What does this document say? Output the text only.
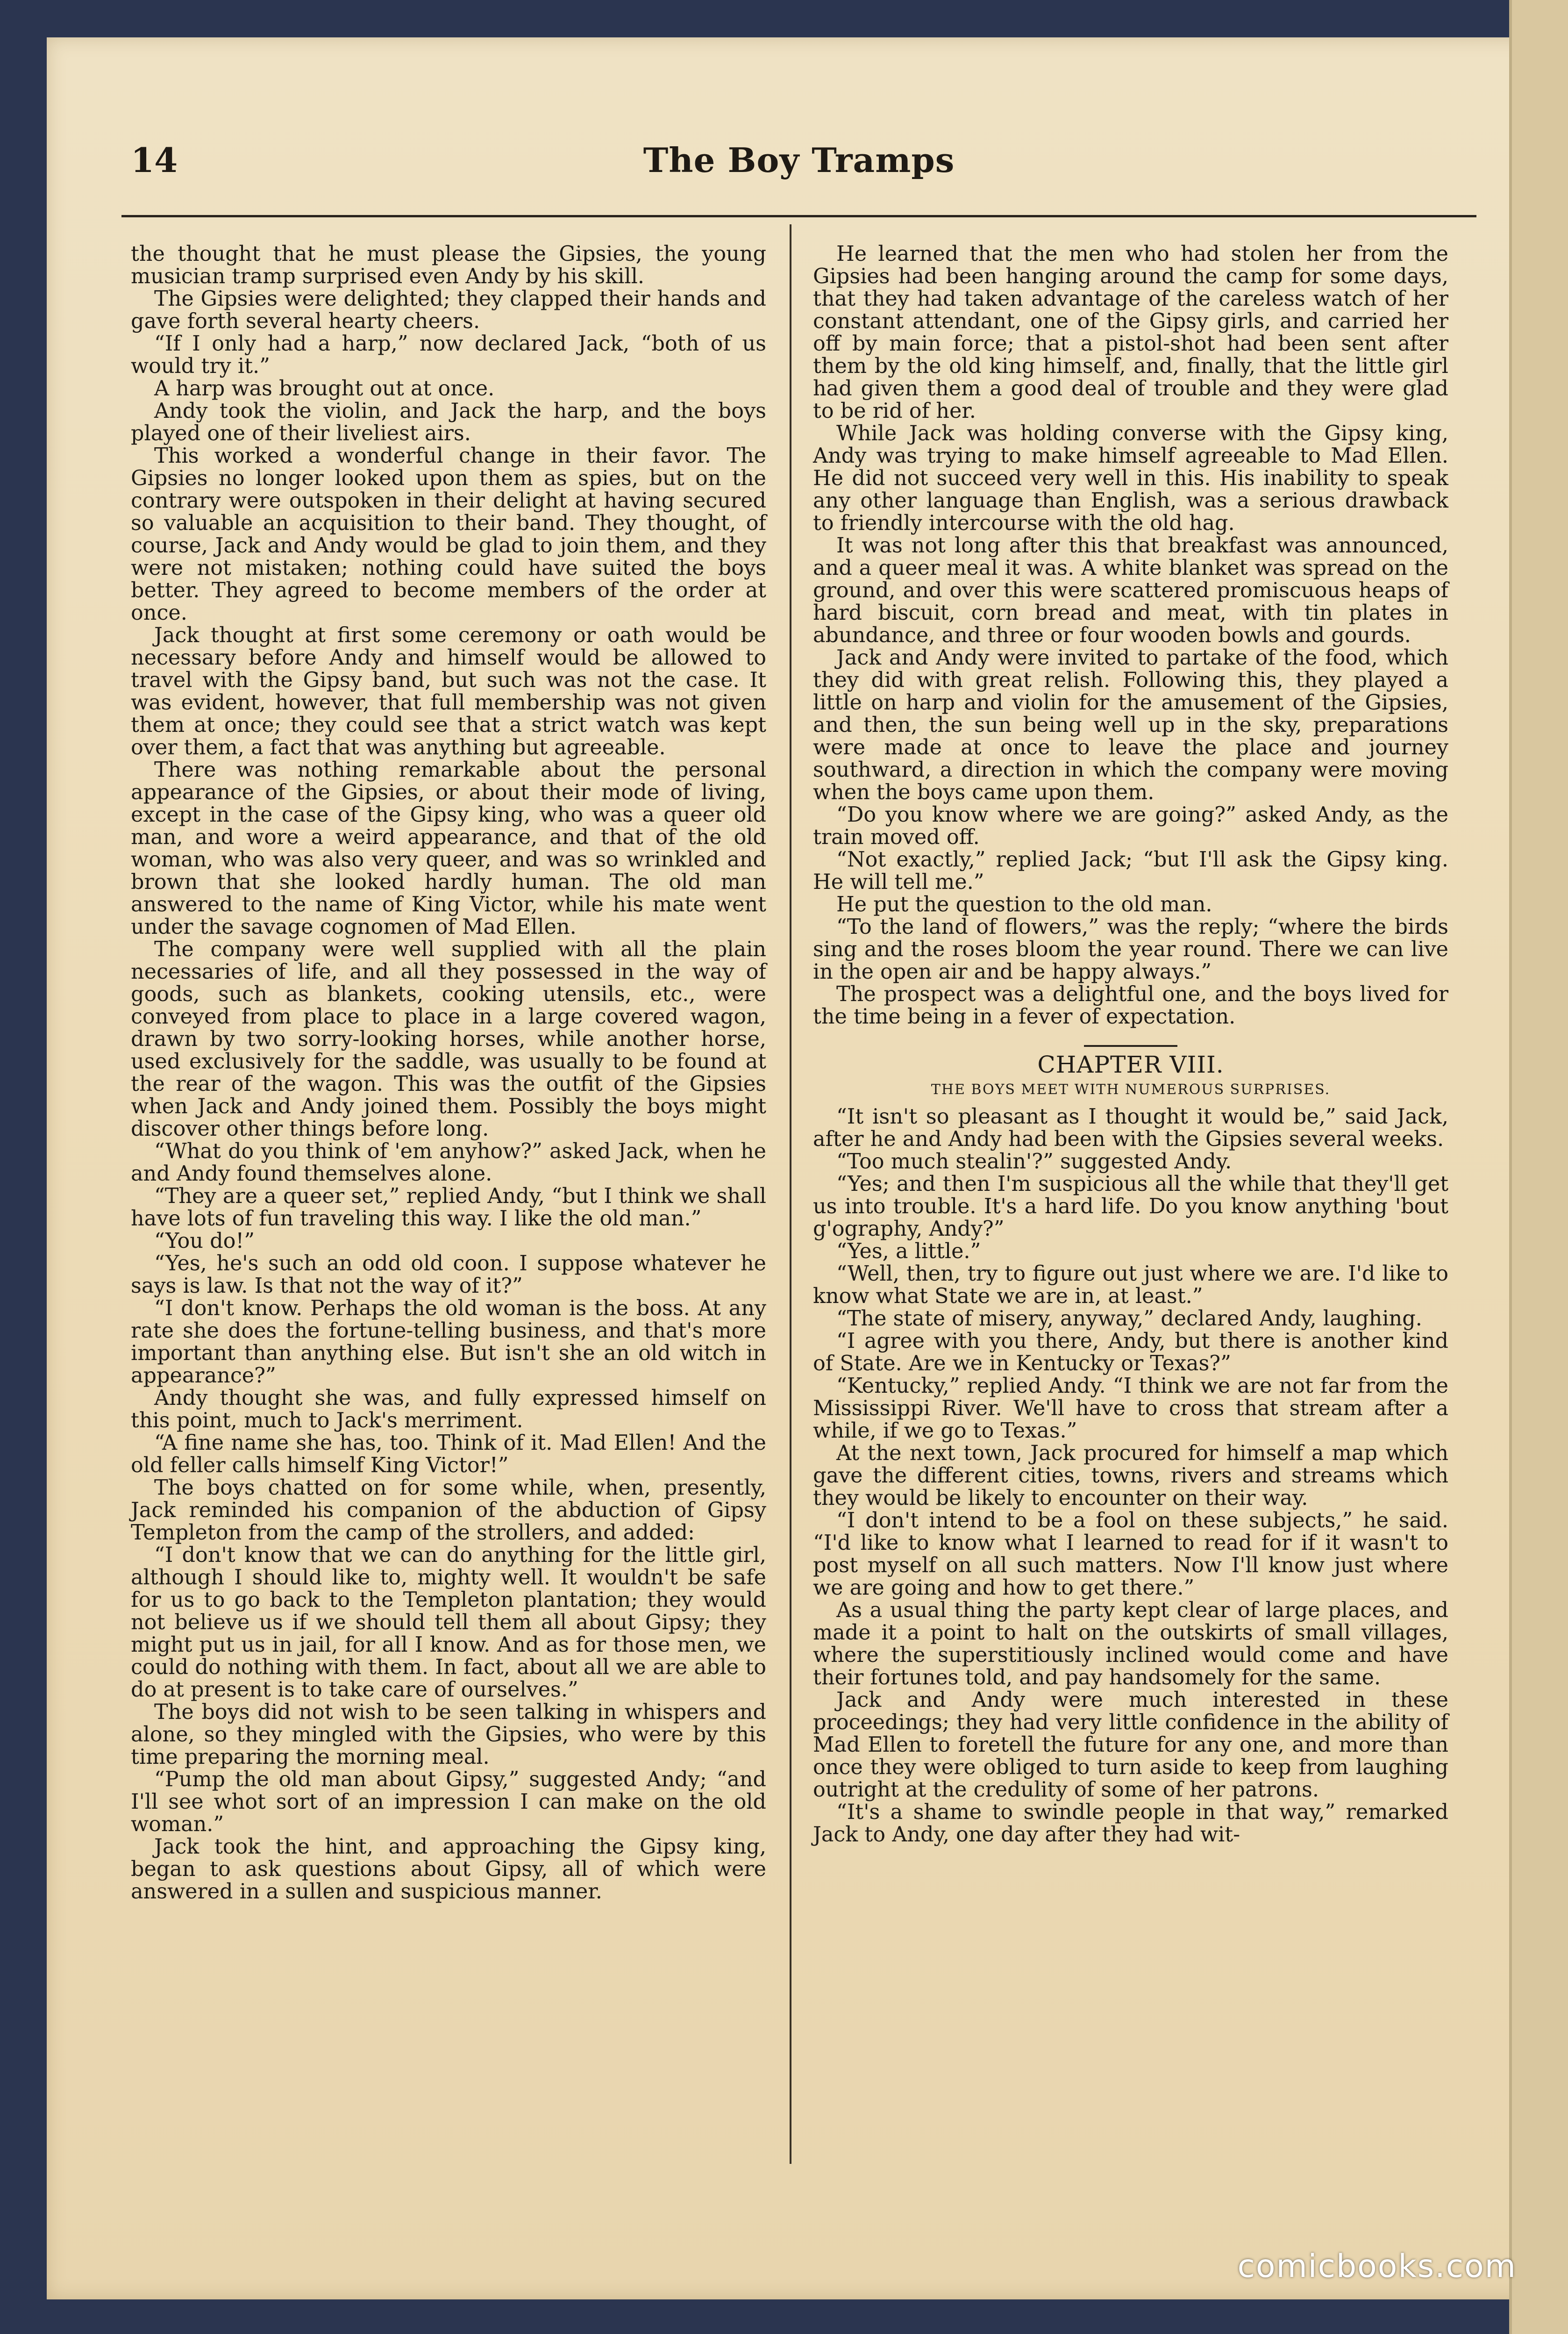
14	The Boy Tramps

the thought that he must please the Gipsies, the young musician tramp surprised even Andy by his skill.

The Gipsies were delighted; they clapped their hands and gave forth several hearty cheers.

“If I only had a harp,” now declared Jack, “both of us would try it.”

A harp was brought out at once.

Andy took the violin, and Jack the harp, and the boys played one of their liveliest airs.

This worked a wonderful change in their favor. The Gipsies no longer looked upon them as spies, but on the contrary were outspoken in their delight at having secured so valuable an acquisition to their band. They thought, of course, Jack and Andy would be glad to join them, and they were not mistaken; nothing could have suited the boys better. They agreed to become members of the order at once.

Jack thought at first some ceremony or oath would be necessary before Andy and himself would be allowed to travel with the Gipsy band, but such was not the case. It was evident, however, that full membership was not given them at once; they could see that a strict watch was kept over them, a fact that was anything but agreeable.

There was nothing remarkable about the personal appearance of the Gipsies, or about their mode of living, except in the case of the Gipsy king, who was a queer old man, and wore a weird appearance, and that of the old woman, who was also very queer, and was so wrinkled and brown that she looked hardly human. The old man answered to the name of King Victor, while his mate went under the savage cognomen of Mad Ellen.

The company were well supplied with all the plain necessaries of life, and all they possessed in the way of goods, such as blankets, cooking utensils, etc., were conveyed from place to place in a large covered wagon, drawn by two sorry-looking horses, while another horse, used exclusively for the saddle, was usually to be found at the rear of the wagon. This was the outfit of the Gipsies when Jack and Andy joined them. Possibly the boys might discover other things before long.

“What do you think of 'em anyhow?” asked Jack, when he and Andy found themselves alone.

“They are a queer set,” replied Andy, “but I think we shall have lots of fun traveling this way. I like the old man.”

“You do!”

“Yes, he's such an odd old coon. I suppose whatever he says is law. Is that not the way of it?”

“I don't know. Perhaps the old woman is the boss. At any rate she does the fortune-telling business, and that's more important than anything else. But isn't she an old witch in appearance?”

Andy thought she was, and fully expressed himself on this point, much to Jack's merriment.

“A fine name she has, too. Think of it. Mad Ellen! And the old feller calls himself King Victor!”

The boys chatted on for some while, when, presently, Jack reminded his companion of the abduction of Gipsy Templeton from the camp of the strollers, and added:

“I don't know that we can do anything for the little girl, although I should like to, mighty well. It wouldn't be safe for us to go back to the Templeton plantation; they would not believe us if we should tell them all about Gipsy; they might put us in jail, for all I know. And as for those men, we could do nothing with them. In fact, about all we are able to do at present is to take care of ourselves.”

The boys did not wish to be seen talking in whispers and alone, so they mingled with the Gipsies, who were by this time preparing the morning meal.

“Pump the old man about Gipsy,” suggested Andy; “and I'll see whot sort of an impression I can make on the old woman.”

Jack took the hint, and approaching the Gipsy king, began to ask questions about Gipsy, all of which were answered in a sullen and suspicious manner.

He learned that the men who had stolen her from the Gipsies had been hanging around the camp for some days, that they had taken advantage of the careless watch of her constant attendant, one of the Gipsy girls, and carried her off by main force; that a pistol-shot had been sent after them by the old king himself, and, finally, that the little girl had given them a good deal of trouble and they were glad to be rid of her.

While Jack was holding converse with the Gipsy king, Andy was trying to make himself agreeable to Mad Ellen. He did not succeed very well in this. His inability to speak any other language than English, was a serious drawback to friendly intercourse with the old hag.

It was not long after this that breakfast was announced, and a queer meal it was. A white blanket was spread on the ground, and over this were scattered promiscuous heaps of hard biscuit, corn bread and meat, with tin plates in abundance, and three or four wooden bowls and gourds.

Jack and Andy were invited to partake of the food, which they did with great relish. Following this, they played a little on harp and violin for the amusement of the Gipsies, and then, the sun being well up in the sky, preparations were made at once to leave the place and journey southward, a direction in which the company were moving when the boys came upon them.

“Do you know where we are going?” asked Andy, as the train moved off.

“Not exactly,” replied Jack; “but I'll ask the Gipsy king. He will tell me.”

He put the question to the old man.

“To the land of flowers,” was the reply; “where the birds sing and the roses bloom the year round. There we can live in the open air and be happy always.”

The prospect was a delightful one, and the boys lived for the time being in a fever of expectation.

CHAPTER VIII.
THE BOYS MEET WITH NUMEROUS SURPRISES.

“It isn't so pleasant as I thought it would be,” said Jack, after he and Andy had been with the Gipsies several weeks.

“Too much stealin'?” suggested Andy.

“Yes; and then I'm suspicious all the while that they'll get us into trouble. It's a hard life. Do you know anything 'bout g'ography, Andy?”

“Yes, a little.”

“Well, then, try to figure out just where we are. I'd like to know what State we are in, at least.”

“The state of misery, anyway,” declared Andy, laughing.

“I agree with you there, Andy, but there is another kind of State. Are we in Kentucky or Texas?”

“Kentucky,” replied Andy. “I think we are not far from the Mississippi River. We'll have to cross that stream after a while, if we go to Texas.”

At the next town, Jack procured for himself a map which gave the different cities, towns, rivers and streams which they would be likely to encounter on their way.

“I don't intend to be a fool on these subjects,” he said. “I'd like to know what I learned to read for if it wasn't to post myself on all such matters. Now I'll know just where we are going and how to get there.”

As a usual thing the party kept clear of large places, and made it a point to halt on the outskirts of small villages, where the superstitiously inclined would come and have their fortunes told, and pay handsomely for the same.

Jack and Andy were much interested in these proceedings; they had very little confidence in the ability of Mad Ellen to foretell the future for any one, and more than once they were obliged to turn aside to keep from laughing outright at the credulity of some of her patrons.

“It's a shame to swindle people in that way,” remarked Jack to Andy, one day after they had wit-

comicbooks.com
